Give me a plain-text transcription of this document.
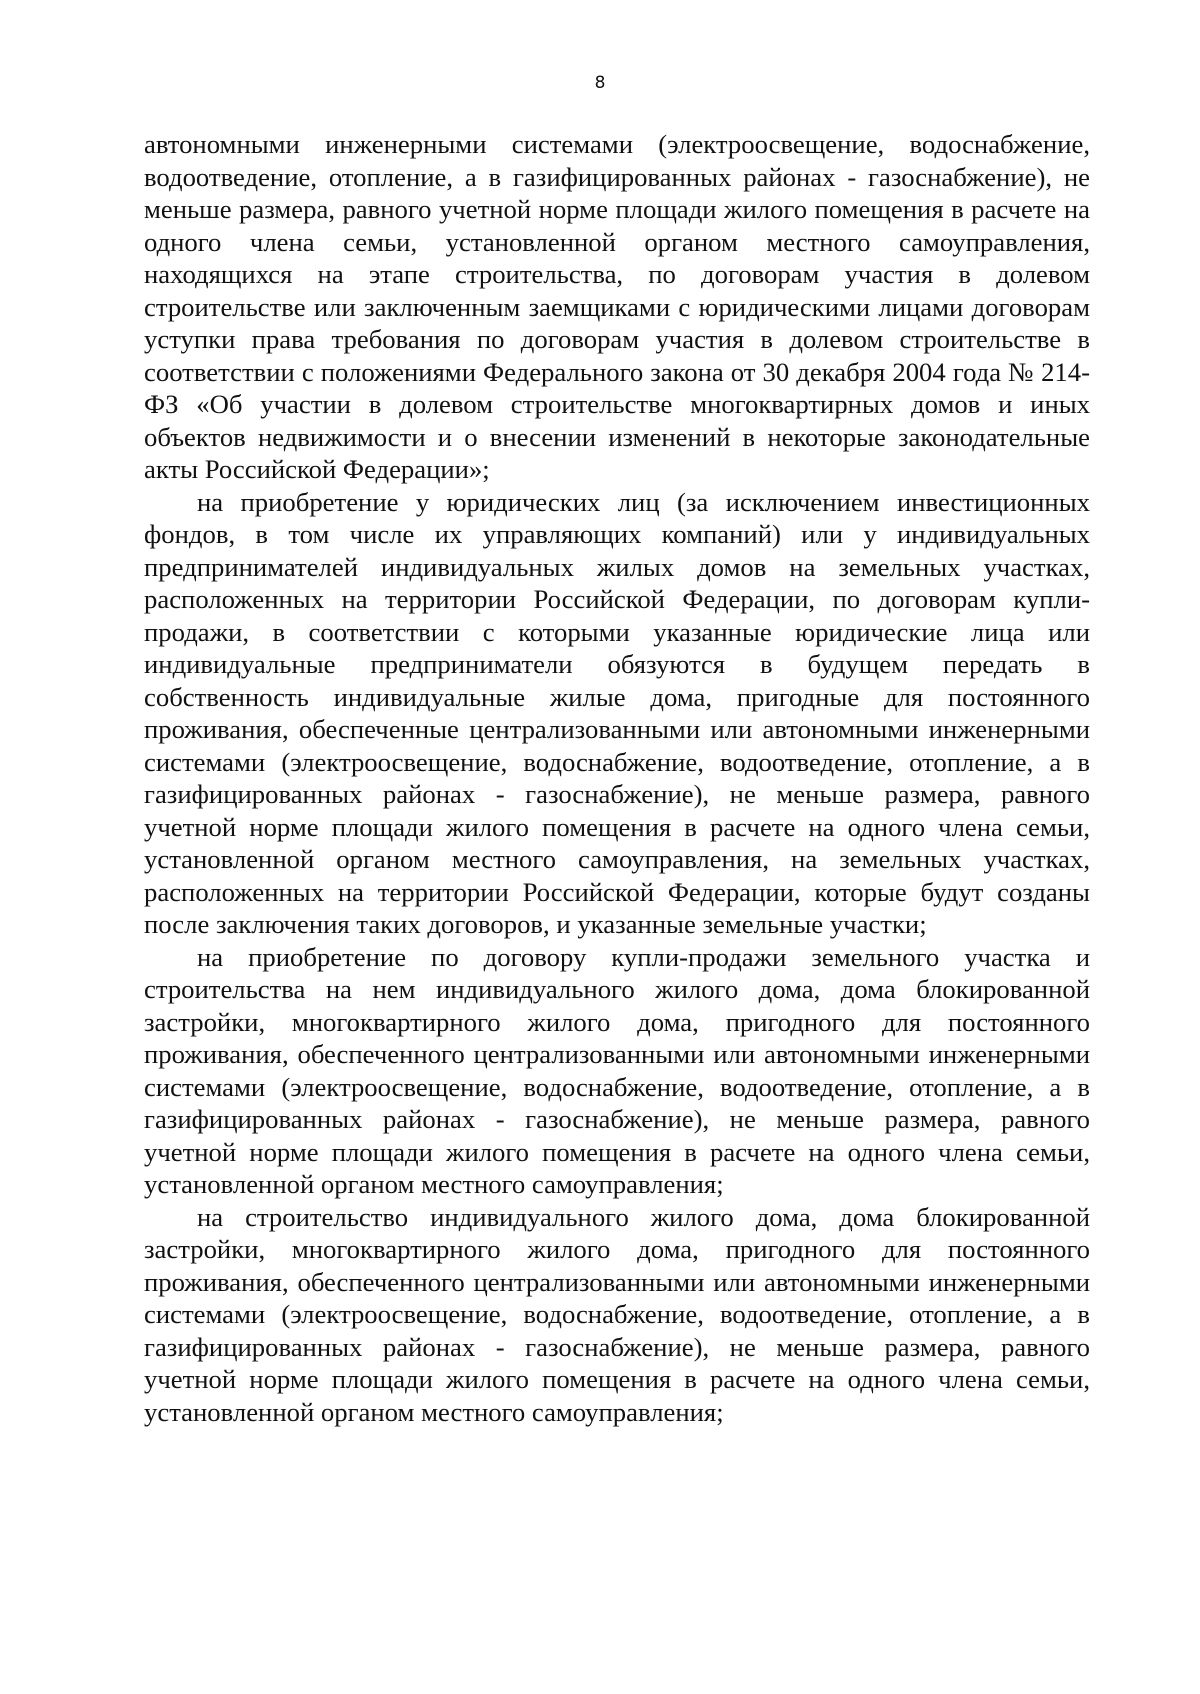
8

автономными инженерными системами (электроосвещение, водоснабжение, водоотведение, отопление, а в газифицированных районах - газоснабжение), не меньше размера, равного учетной норме площади жилого помещения в расчете на одного члена семьи, установленной органом местного самоуправления, находящихся на этапе строительства, по договорам участия в долевом строительстве или заключенным заемщиками с юридическими лицами договорам уступки права требования по договорам участия в долевом строительстве в соответствии с положениями Федерального закона от 30 декабря 2004 года № 214-ФЗ «Об участии в долевом строительстве многоквартирных домов и иных объектов недвижимости и о внесении изменений в некоторые законодательные акты Российской Федерации»;

на приобретение у юридических лиц (за исключением инвестиционных фондов, в том числе их управляющих компаний) или у индивидуальных предпринимателей индивидуальных жилых домов на земельных участках, расположенных на территории Российской Федерации, по договорам купли-продажи, в соответствии с которыми указанные юридические лица или индивидуальные предприниматели обязуются в будущем передать в собственность индивидуальные жилые дома, пригодные для постоянного проживания, обеспеченные централизованными или автономными инженерными системами (электроосвещение, водоснабжение, водоотведение, отопление, а в газифицированных районах - газоснабжение), не меньше размера, равного учетной норме площади жилого помещения в расчете на одного члена семьи, установленной органом местного самоуправления, на земельных участках, расположенных на территории Российской Федерации, которые будут созданы после заключения таких договоров, и указанные земельные участки;

на приобретение по договору купли-продажи земельного участка и строительства на нем индивидуального жилого дома, дома блокированной застройки, многоквартирного жилого дома, пригодного для постоянного проживания, обеспеченного централизованными или автономными инженерными системами (электроосвещение, водоснабжение, водоотведение, отопление, а в газифицированных районах - газоснабжение), не меньше размера, равного учетной норме площади жилого помещения в расчете на одного члена семьи, установленной органом местного самоуправления;

на строительство индивидуального жилого дома, дома блокированной застройки, многоквартирного жилого дома, пригодного для постоянного проживания, обеспеченного централизованными или автономными инженерными системами (электроосвещение, водоснабжение, водоотведение, отопление, а в газифицированных районах - газоснабжение), не меньше размера, равного учетной норме площади жилого помещения в расчете на одного члена семьи, установленной органом местного самоуправления;
